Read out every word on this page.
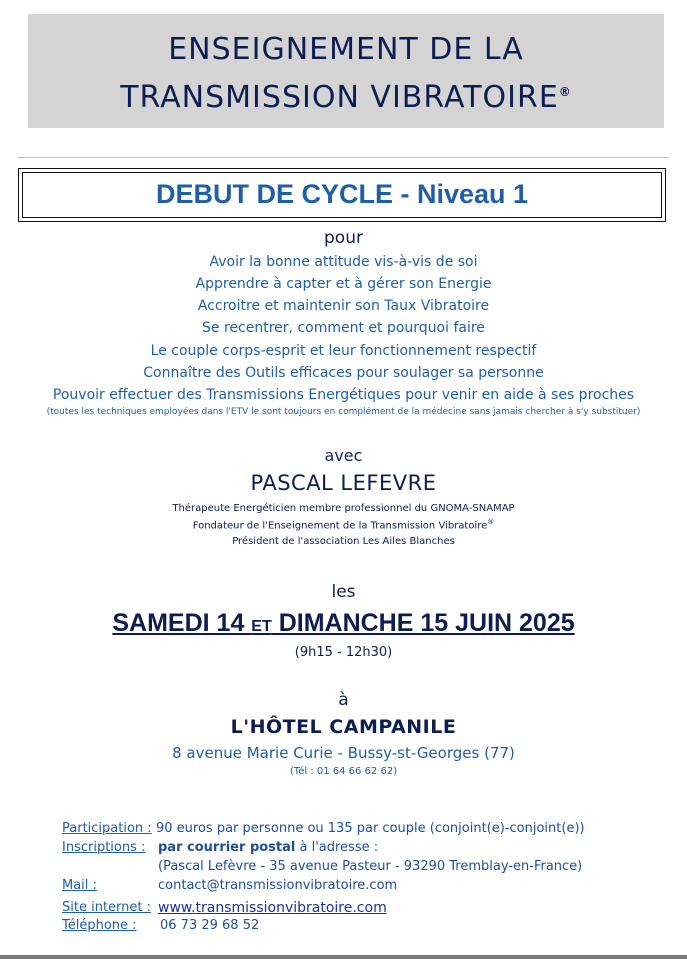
ENSEIGNEMENT DE LA
TRANSMISSION VIBRATOIRE®
DEBUT DE CYCLE - Niveau 1
pour
Avoir la bonne attitude vis-à-vis de soi
Apprendre à capter et à gérer son Energie
Accroitre et maintenir son Taux Vibratoire
Se recentrer, comment et pourquoi faire
Le couple corps-esprit et leur fonctionnement respectif
Connaître des Outils efficaces pour soulager sa personne
Pouvoir effectuer des Transmissions Energétiques pour venir en aide à ses proches
(toutes les techniques employées dans l'ETV le sont toujours en complément de la médecine sans jamais chercher à s'y substituer)
avec
PASCAL LEFEVRE
Thérapeute Energéticien membre professionnel du GNOMA-SNAMAP
Fondateur de l'Enseignement de la Transmission Vibratoire®
Président de l'association Les Ailes Blanches
les
SAMEDI 14 ET DIMANCHE 15 JUIN 2025
(9h15 - 12h30)
à
L'HÔTEL CAMPANILE
8 avenue Marie Curie - Bussy-st-Georges (77)
(Tél : 01 64 66 62 62)
Participation : 90 euros par personne ou 135 par couple (conjoint(e)-conjoint(e))
Inscriptions : par courrier postal à l'adresse :
(Pascal Lefèvre - 35 avenue Pasteur - 93290 Tremblay-en-France)
Mail :	contact@transmissionvibratoire.com
Site internet : www.transmissionvibratoire.com
Téléphone : 06 73 29 68 52
